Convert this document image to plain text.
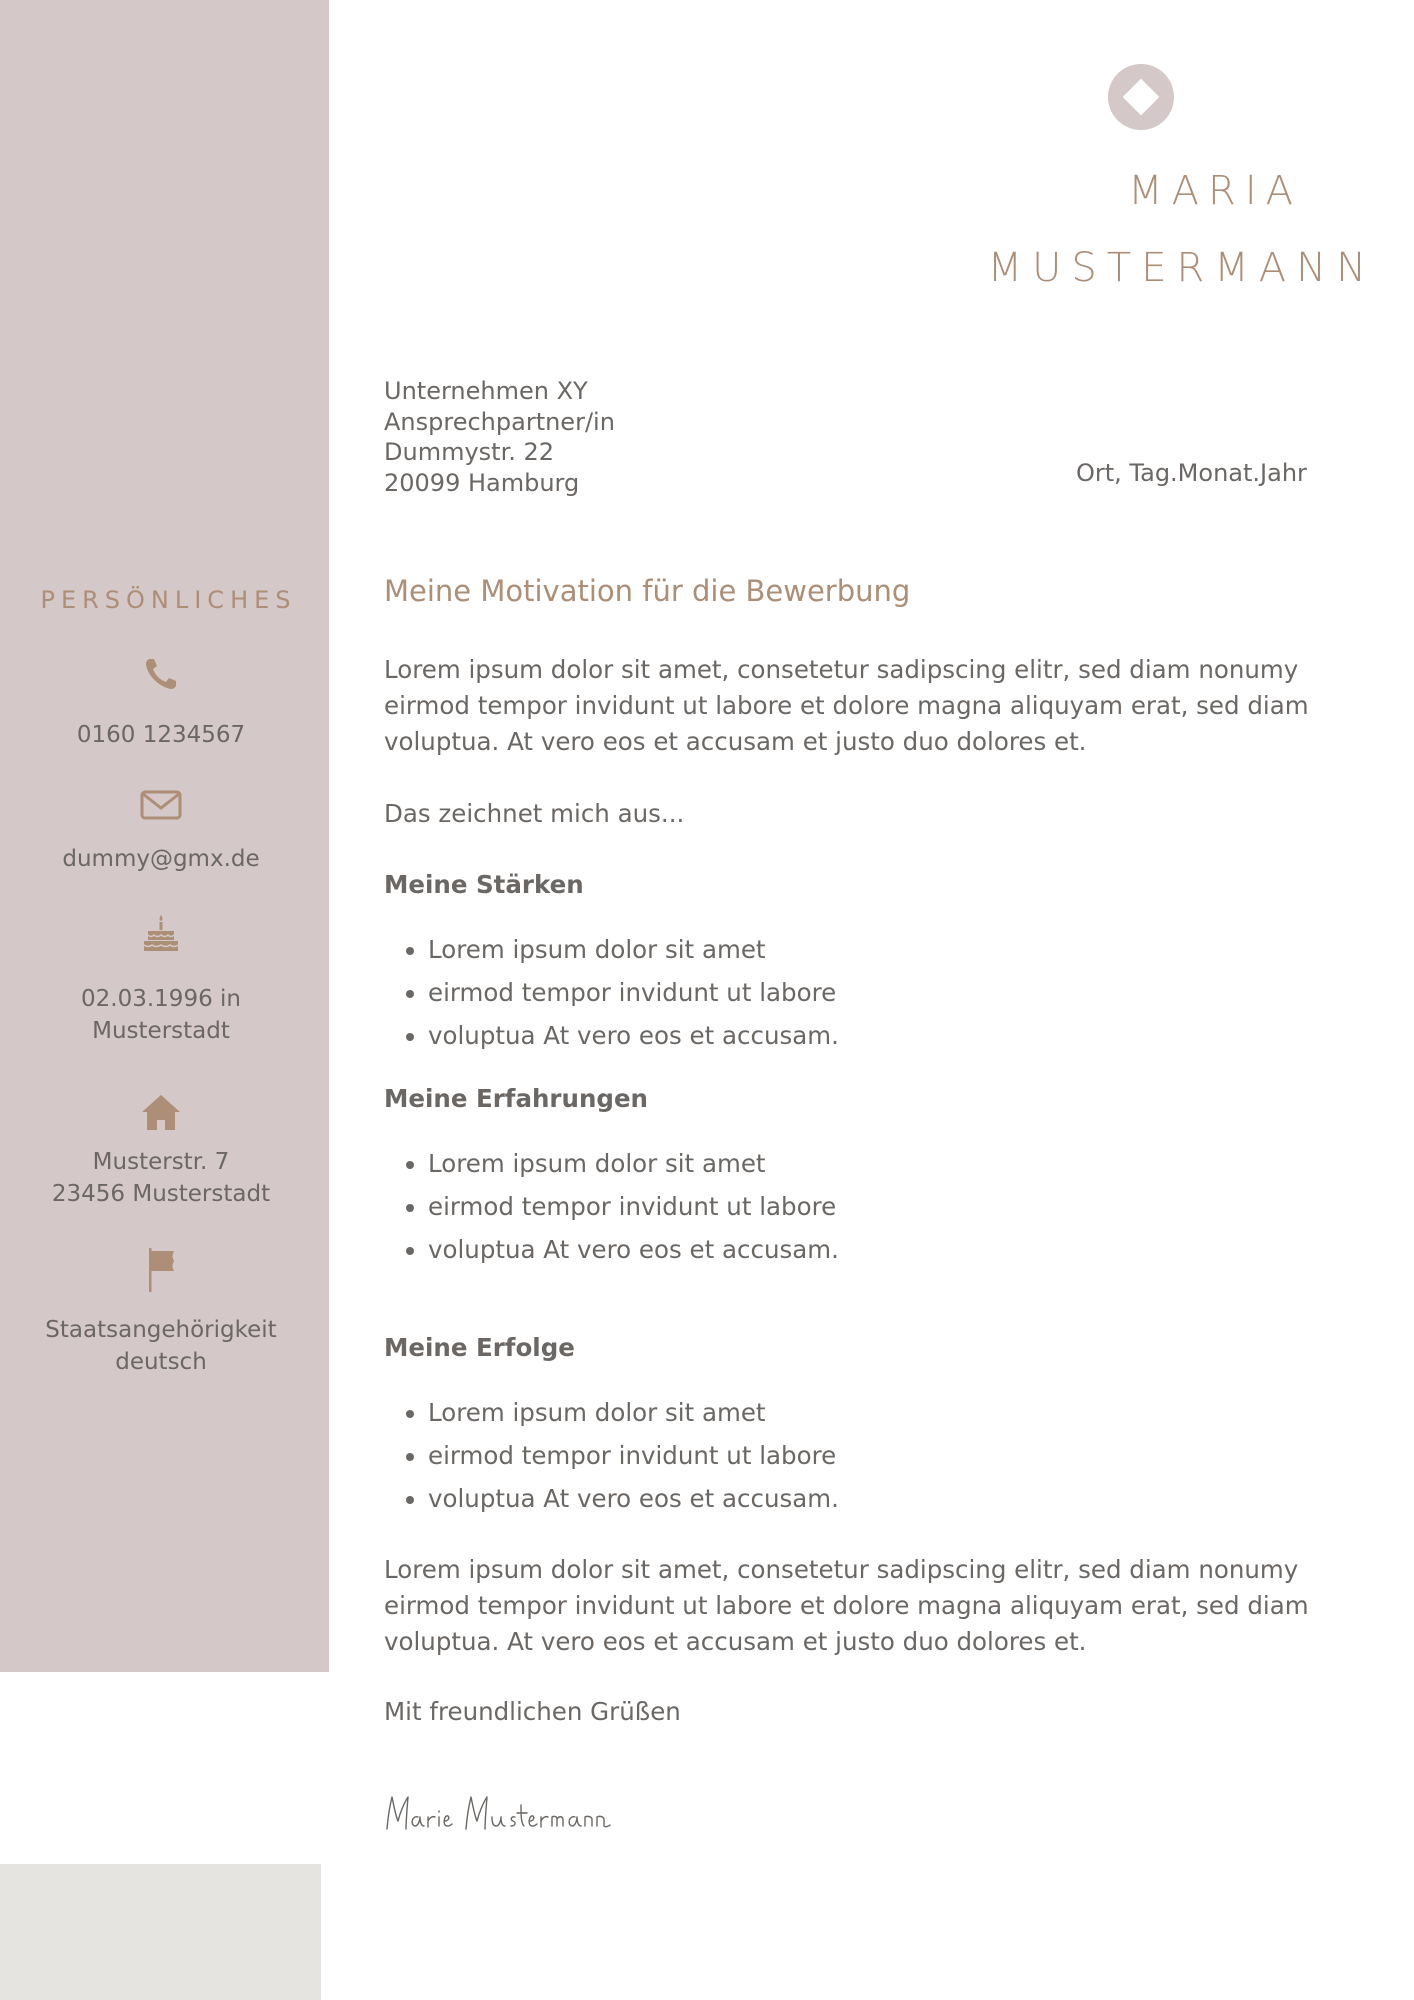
MARIA
MUSTERMANN
Unternehmen XY
Ansprechpartner/in
Dummystr. 22
20099 Hamburg	Ort, Tag.Monat.Jahr
PERSÖNLICHES
0160 1234567
dummy@gmx.de
02.03.1996 in
Musterstadt
Musterstr. 7
23456 Musterstadt
Staatsangehörigkeit
deutsch
Meine Motivation für die Bewerbung
Lorem ipsum dolor sit amet, consetetur sadipscing elitr, sed diam nonumy eirmod tempor invidunt ut labore et dolore magna aliquyam erat, sed diam voluptua. At vero eos et accusam et justo duo dolores et.
Das zeichnet mich aus...
Meine Stärken
• Lorem ipsum dolor sit amet
• eirmod tempor invidunt ut labore
• voluptua At vero eos et accusam.
Meine Erfahrungen
• Lorem ipsum dolor sit amet
• eirmod tempor invidunt ut labore
• voluptua At vero eos et accusam.
Meine Erfolge
• Lorem ipsum dolor sit amet
• eirmod tempor invidunt ut labore
• voluptua At vero eos et accusam.
Lorem ipsum dolor sit amet, consetetur sadipscing elitr, sed diam nonumy eirmod tempor invidunt ut labore et dolore magna aliquyam erat, sed diam voluptua. At vero eos et accusam et justo duo dolores et.
Mit freundlichen Grüßen
